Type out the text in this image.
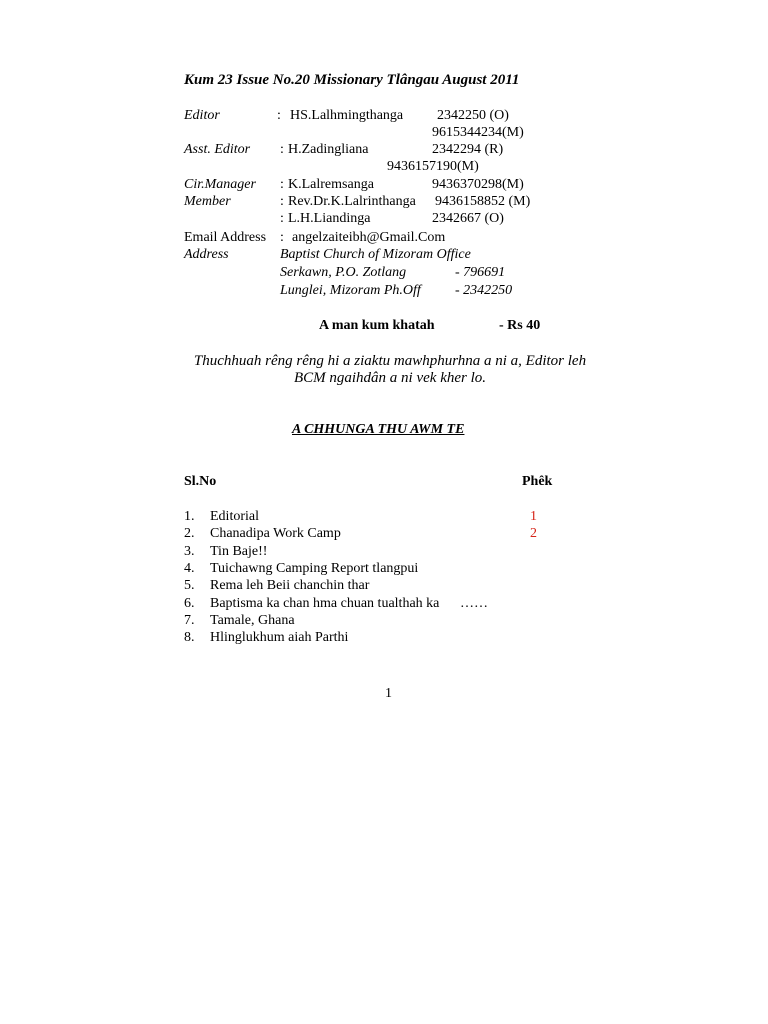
Kum 23 Issue No.20 Missionary Tlângau August 2011
Editor	: HS.Lalhmingthanga 2342250 (O)
9615344234(M)
Asst. Editor : H.Zadingliana	2342294 (R)
9436157190(M)
Cir.Manager : K.Lalremsanga	9436370298(M)
Member	: Rev.Dr.K.Lalrinthanga 9436158852 (M)
: L.H.Liandinga	2342667 (O)
Email Address : angelzaiteibh@Gmail.Com
Address	Baptist Church of Mizoram Office
Serkawn, P.O. Zotlang	- 796691
Lunglei, Mizoram Ph.Off - 2342250
A man kum khatah	- Rs 40
Thuchhuah rêng rêng hi a ziaktu mawhphurhna a ni a, Editor leh
BCM ngaihdân a ni vek kher lo.
A CHHUNGA THU AWM TE
Sl.No	Phêk
1. Editorial	1
2. Chanadipa Work Camp	2
3. Tin Baje!!
4. Tuichawng Camping Report tlangpui
5. Rema leh Beii chanchin thar
6. Baptisma ka chan hma chuan tualthah ka ……
7. Tamale, Ghana
8. Hlinglukhum aiah Parthi
1
